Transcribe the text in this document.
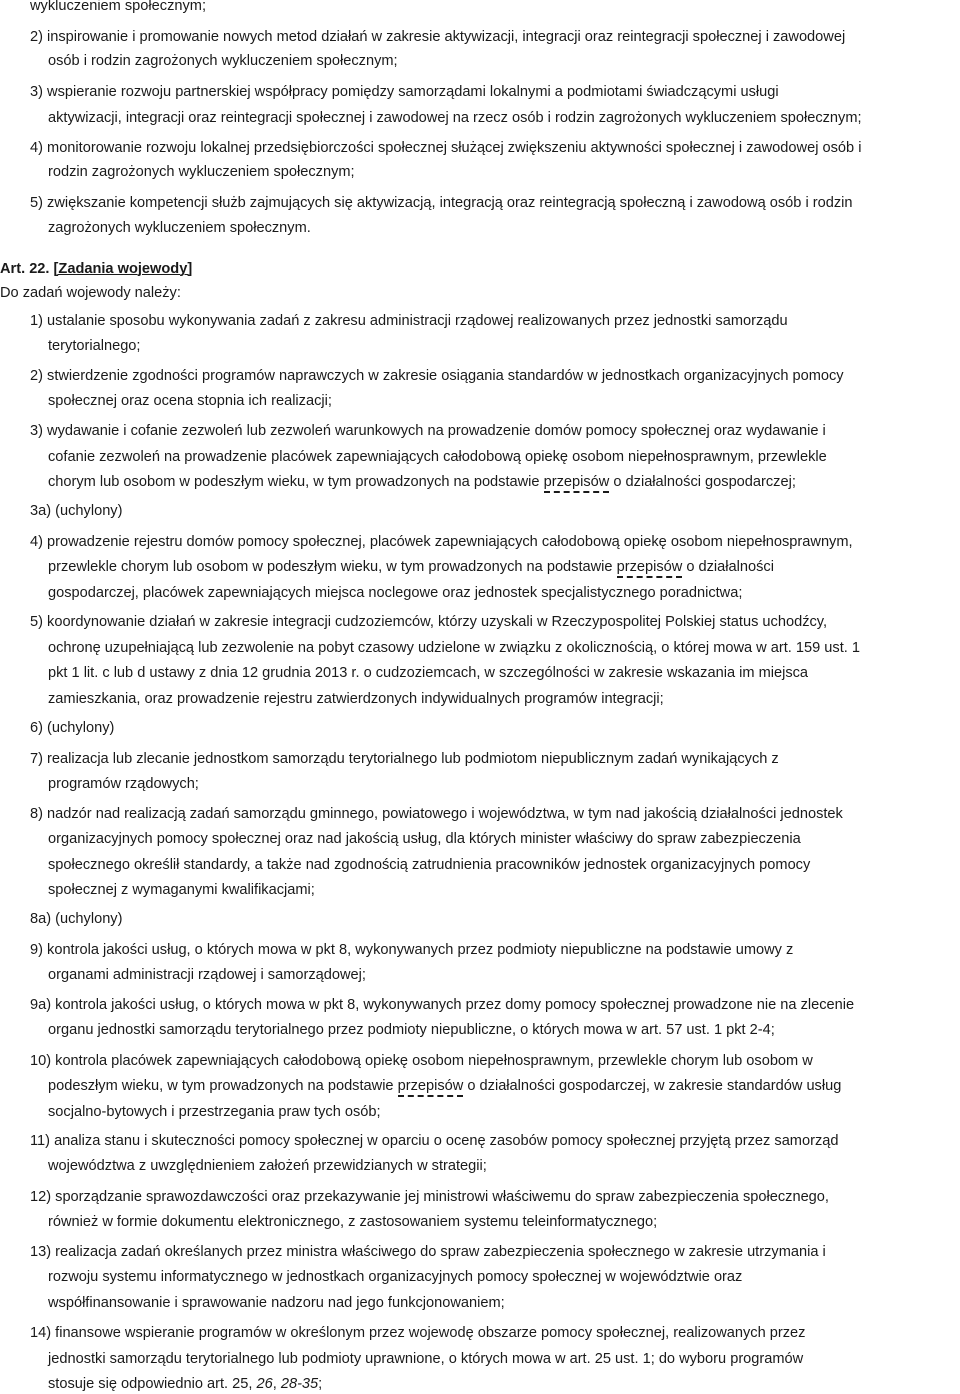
wykluczeniem społecznym;
2) inspirowanie i promowanie nowych metod działań w zakresie aktywizacji, integracji oraz reintegracji społecznej i zawodowej
osób i rodzin zagrożonych wykluczeniem społecznym;
3) wspieranie rozwoju partnerskiej współpracy pomiędzy samorządami lokalnymi a podmiotami świadczącymi usługi
aktywizacji, integracji oraz reintegracji społecznej i zawodowej na rzecz osób i rodzin zagrożonych wykluczeniem społecznym;
4) monitorowanie rozwoju lokalnej przedsiębiorczości społecznej służącej zwiększeniu aktywności społecznej i zawodowej osób i
rodzin zagrożonych wykluczeniem społecznym;
5) zwiększanie kompetencji służb zajmujących się aktywizacją, integracją oraz reintegracją społeczną i zawodową osób i rodzin
zagrożonych wykluczeniem społecznym.
Art. 22. [Zadania wojewody]
Do zadań wojewody należy:
1) ustalanie sposobu wykonywania zadań z zakresu administracji rządowej realizowanych przez jednostki samorządu
terytorialnego;
2) stwierdzenie zgodności programów naprawczych w zakresie osiągania standardów w jednostkach organizacyjnych pomocy
społecznej oraz ocena stopnia ich realizacji;
3) wydawanie i cofanie zezwoleń lub zezwoleń warunkowych na prowadzenie domów pomocy społecznej oraz wydawanie i
cofanie zezwoleń na prowadzenie placówek zapewniających całodobową opiekę osobom niepełnosprawnym, przewlekle
chorym lub osobom w podeszłym wieku, w tym prowadzonych na podstawie przepisów o działalności gospodarczej;
3a) (uchylony)
4) prowadzenie rejestru domów pomocy społecznej, placówek zapewniających całodobową opiekę osobom niepełnosprawnym,
przewlekle chorym lub osobom w podeszłym wieku, w tym prowadzonych na podstawie przepisów o działalności
gospodarczej, placówek zapewniających miejsca noclegowe oraz jednostek specjalistycznego poradnictwa;
5) koordynowanie działań w zakresie integracji cudzoziemców, którzy uzyskali w Rzeczypospolitej Polskiej status uchodźcy,
ochronę uzupełniającą lub zezwolenie na pobyt czasowy udzielone w związku z okolicznością, o której mowa w art. 159 ust. 1
pkt 1 lit. c lub d ustawy z dnia 12 grudnia 2013 r. o cudzoziemcach, w szczególności w zakresie wskazania im miejsca
zamieszkania, oraz prowadzenie rejestru zatwierdzonych indywidualnych programów integracji;
6) (uchylony)
7) realizacja lub zlecanie jednostkom samorządu terytorialnego lub podmiotom niepublicznym zadań wynikających z
programów rządowych;
8) nadzór nad realizacją zadań samorządu gminnego, powiatowego i województwa, w tym nad jakością działalności jednostek
organizacyjnych pomocy społecznej oraz nad jakością usług, dla których minister właściwy do spraw zabezpieczenia
społecznego określił standardy, a także nad zgodnością zatrudnienia pracowników jednostek organizacyjnych pomocy
społecznej z wymaganymi kwalifikacjami;
8a) (uchylony)
9) kontrola jakości usług, o których mowa w pkt 8, wykonywanych przez podmioty niepubliczne na podstawie umowy z
organami administracji rządowej i samorządowej;
9a) kontrola jakości usług, o których mowa w pkt 8, wykonywanych przez domy pomocy społecznej prowadzone nie na zlecenie
organu jednostki samorządu terytorialnego przez podmioty niepubliczne, o których mowa w art. 57 ust. 1 pkt 2-4;
10) kontrola placówek zapewniających całodobową opiekę osobom niepełnosprawnym, przewlekle chorym lub osobom w
podeszłym wieku, w tym prowadzonych na podstawie przepisów o działalności gospodarczej, w zakresie standardów usług
socjalno-bytowych i przestrzegania praw tych osób;
11) analiza stanu i skuteczności pomocy społecznej w oparciu o ocenę zasobów pomocy społecznej przyjętą przez samorząd
województwa z uwzględnieniem założeń przewidzianych w strategii;
12) sporządzanie sprawozdawczości oraz przekazywanie jej ministrowi właściwemu do spraw zabezpieczenia społecznego,
również w formie dokumentu elektronicznego, z zastosowaniem systemu teleinformatycznego;
13) realizacja zadań określanych przez ministra właściwego do spraw zabezpieczenia społecznego w zakresie utrzymania i
rozwoju systemu informatycznego w jednostkach organizacyjnych pomocy społecznej w województwie oraz
współfinansowanie i sprawowanie nadzoru nad jego funkcjonowaniem;
14) finansowe wspieranie programów w określonym przez wojewodę obszarze pomocy społecznej, realizowanych przez
jednostki samorządu terytorialnego lub podmioty uprawnione, o których mowa w art. 25 ust. 1; do wyboru programów
stosuje się odpowiednio art. 25, 26, 28-35;
